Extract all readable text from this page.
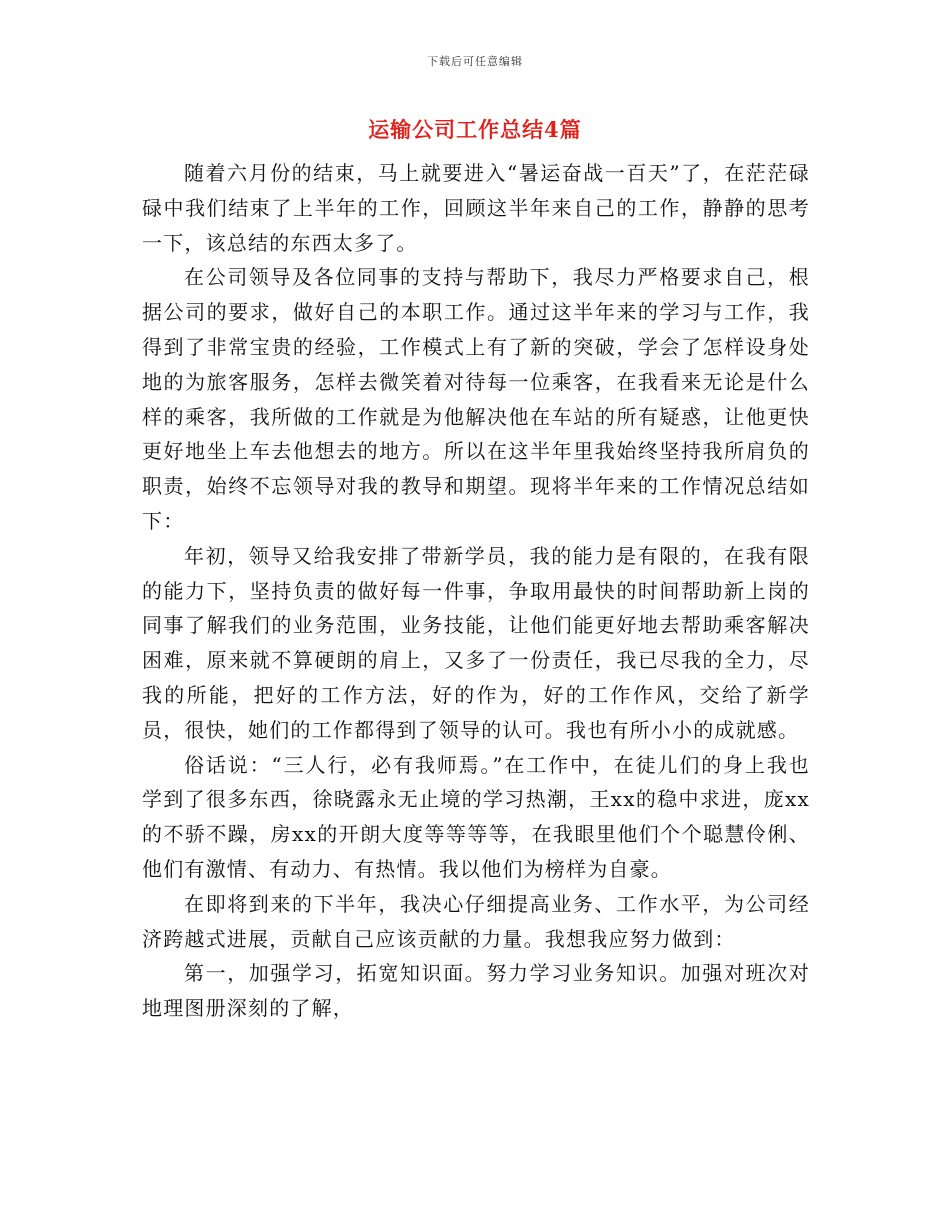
下载后可任意编辑
运输公司工作总结4篇

随着六月份的结束，马上就要进入“暑运奋战一百天”了，在茫茫碌碌中我们结束了上半年的工作，回顾这半年来自己的工作，静静的思考一下，该总结的东西太多了。

在公司领导及各位同事的支持与帮助下，我尽力严格要求自己，根据公司的要求，做好自己的本职工作。通过这半年来的学习与工作，我得到了非常宝贵的经验，工作模式上有了新的突破，学会了怎样设身处地的为旅客服务，怎样去微笑着对待每一位乘客，在我看来无论是什么样的乘客，我所做的工作就是为他解决他在车站的所有疑惑，让他更快更好地坐上车去他想去的地方。所以在这半年里我始终坚持我所肩负的职责，始终不忘领导对我的教导和期望。现将半年来的工作情况总结如下：

年初，领导又给我安排了带新学员，我的能力是有限的，在我有限的能力下，坚持负责的做好每一件事，争取用最快的时间帮助新上岗的同事了解我们的业务范围，业务技能，让他们能更好地去帮助乘客解决困难，原来就不算硬朗的肩上，又多了一份责任，我已尽我的全力，尽我的所能，把好的工作方法，好的作为，好的工作作风，交给了新学员，很快，她们的工作都得到了领导的认可。我也有所小小的成就感。

俗话说：“三人行，必有我师焉。”在工作中，在徒儿们的身上我也学到了很多东西，徐晓露永无止境的学习热潮，王xx的稳中求进，庞xx的不骄不躁，房xx的开朗大度等等等等，在我眼里他们个个聪慧伶俐、他们有激情、有动力、有热情。我以他们为榜样为自豪。

在即将到来的下半年，我决心仔细提高业务、工作水平，为公司经济跨越式进展，贡献自己应该贡献的力量。我想我应努力做到：

第一，加强学习，拓宽知识面。努力学习业务知识。加强对班次对地理图册深刻的了解，
